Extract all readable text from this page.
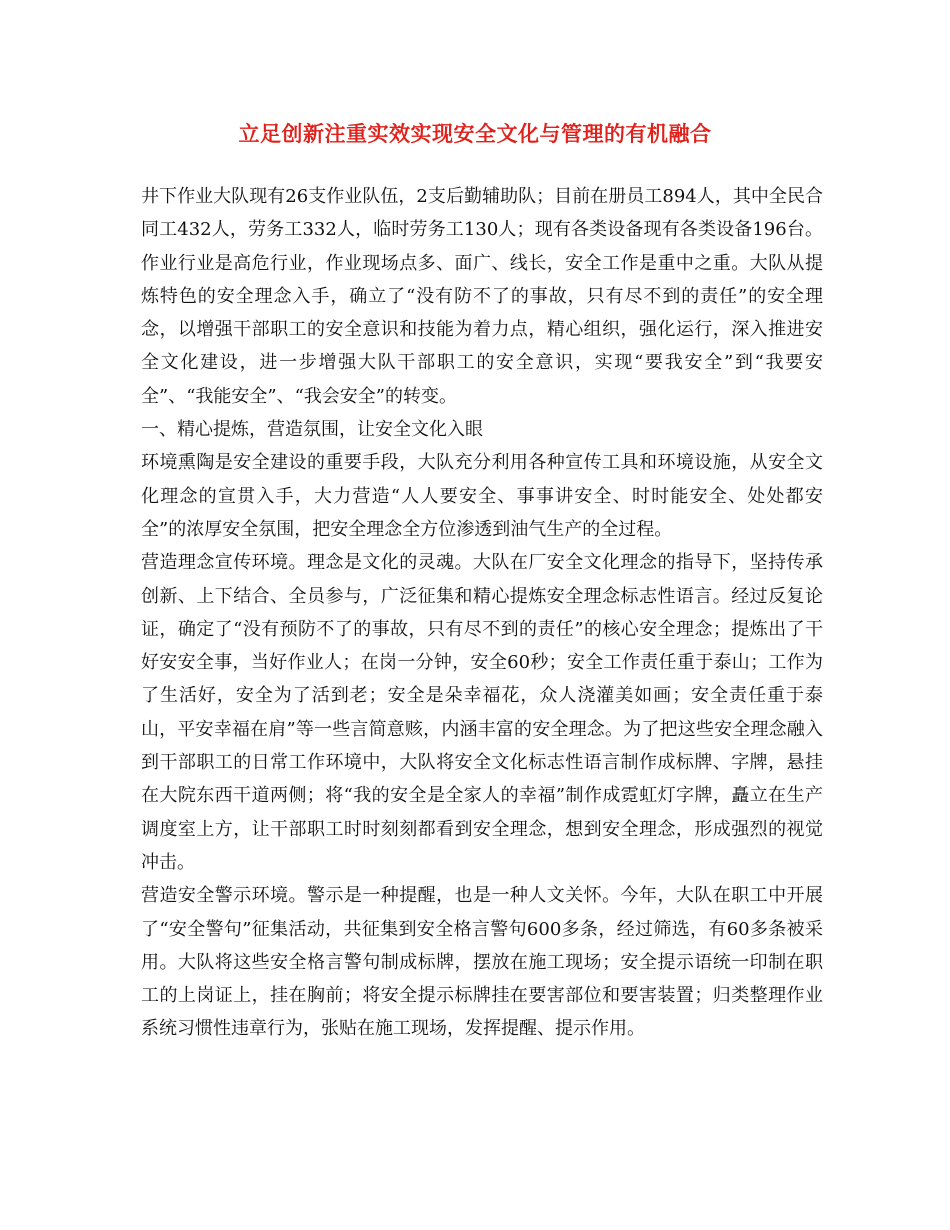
立足创新注重实效实现安全文化与管理的有机融合

井下作业大队现有26支作业队伍，2支后勤辅助队；目前在册员工894人，其中全民合同工432人，劳务工332人，临时劳务工130人；现有各类设备现有各类设备196台。作业行业是高危行业，作业现场点多、面广、线长，安全工作是重中之重。大队从提炼特色的安全理念入手，确立了“没有防不了的事故，只有尽不到的责任”的安全理念，以增强干部职工的安全意识和技能为着力点，精心组织，强化运行，深入推进安全文化建设，进一步增强大队干部职工的安全意识，实现“要我安全”到“我要安全”、“我能安全”、“我会安全”的转变。

一、精心提炼，营造氛围，让安全文化入眼

环境熏陶是安全建设的重要手段，大队充分利用各种宣传工具和环境设施，从安全文化理念的宣贯入手，大力营造“人人要安全、事事讲安全、时时能安全、处处都安全”的浓厚安全氛围，把安全理念全方位渗透到油气生产的全过程。

营造理念宣传环境。理念是文化的灵魂。大队在厂安全文化理念的指导下，坚持传承创新、上下结合、全员参与，广泛征集和精心提炼安全理念标志性语言。经过反复论证，确定了“没有预防不了的事故，只有尽不到的责任”的核心安全理念；提炼出了干好安安全事，当好作业人；在岗一分钟，安全60秒；安全工作责任重于泰山；工作为了生活好，安全为了活到老；安全是朵幸福花，众人浇灌美如画；安全责任重于泰山，平安幸福在肩”等一些言简意赅，内涵丰富的安全理念。为了把这些安全理念融入到干部职工的日常工作环境中，大队将安全文化标志性语言制作成标牌、字牌，悬挂在大院东西干道两侧；将“我的安全是全家人的幸福”制作成霓虹灯字牌，矗立在生产调度室上方，让干部职工时时刻刻都看到安全理念，想到安全理念，形成强烈的视觉冲击。

营造安全警示环境。警示是一种提醒，也是一种人文关怀。今年，大队在职工中开展了“安全警句”征集活动，共征集到安全格言警句600多条，经过筛选，有60多条被采用。大队将这些安全格言警句制成标牌，摆放在施工现场；安全提示语统一印制在职工的上岗证上，挂在胸前；将安全提示标牌挂在要害部位和要害装置；归类整理作业系统习惯性违章行为，张贴在施工现场，发挥提醒、提示作用。
